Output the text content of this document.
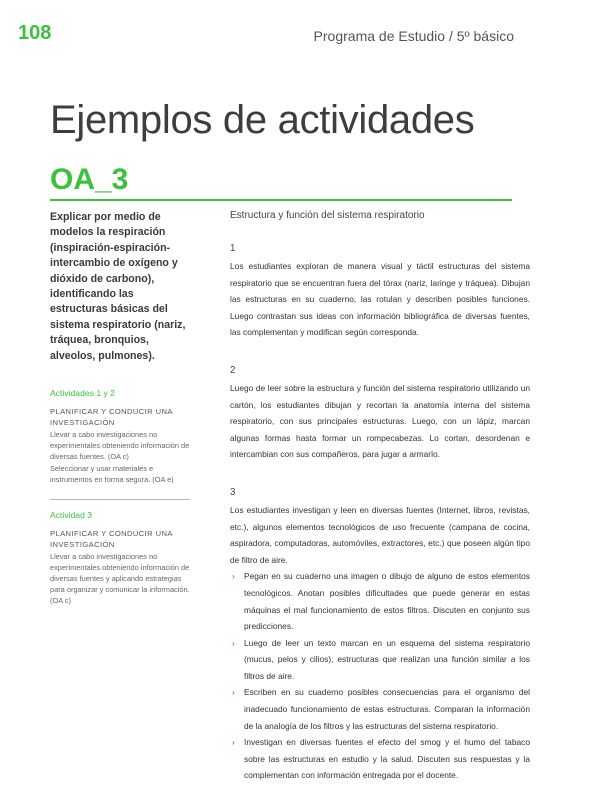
108	Programa de Estudio / 5º básico
Ejemplos de actividades
OA_3
Explicar por medio de modelos la respiración (inspiración-espiración-intercambio de oxígeno y dióxido de carbono), identificando las estructuras básicas del sistema respiratorio (nariz, tráquea, bronquios, alveolos, pulmones).
Actividades 1 y 2
PLANIFICAR Y CONDUCIR UNA INVESTIGACIÓN
Llevar a cabo investigaciones no experimentales obteniendo información de diversas fuentes. (OA c)
Seleccionar y usar materiales e instrumentos en forma segura. (OA e)
Actividad 3
PLANIFICAR Y CONDUCIR UNA INVESTIGACIÓN
Llevar a cabo investigaciones no experimentales obteniendo información de diversas fuentes y aplicando estrategias para organizar y comunicar la información. (OA c)
Estructura y función del sistema respiratorio
1
Los estudiantes exploran de manera visual y táctil estructuras del sistema respiratorio que se encuentran fuera del tórax (nariz, laringe y tráquea). Dibujan las estructuras en su cuaderno, las rotulan y describen posibles funciones. Luego contrastan sus ideas con información bibliográfica de diversas fuentes, las complementan y modifican según corresponda.
2
Luego de leer sobre la estructura y función del sistema respiratorio utilizando un cartón, los estudiantes dibujan y recortan la anatomía interna del sistema respiratorio, con sus principales estructuras. Luego, con un lápiz, marcan algunas formas hasta formar un rompecabezas. Lo cortan, desordenan e intercambian con sus compañeros, para jugar a armarlo.
3
Los estudiantes investigan y leen en diversas fuentes (Internet, libros, revistas, etc.), algunos elementos tecnológicos de uso frecuente (campana de cocina, aspiradora, computadoras, automóviles, extractores, etc.) que poseen algún tipo de filtro de aire.
› Pegan en su cuaderno una imagen o dibujo de alguno de estos elementos tecnológicos. Anotan posibles dificultades que puede generar en estas máquinas el mal funcionamiento de estos filtros. Discuten en conjunto sus predicciones.
› Luego de leer un texto marcan en un esquema del sistema respiratorio (mucus, pelos y cilios), estructuras que realizan una función similar a los filtros de aire.
› Escriben en su cuaderno posibles consecuencias para el organismo del inadecuado funcionamiento de estas estructuras. Comparan la información de la analogía de los filtros y las estructuras del sistema respiratorio.
› Investigan en diversas fuentes el efecto del smog y el humo del tabaco sobre las estructuras en estudio y la salud. Discuten sus respuestas y la complementan con información entregada por el docente.
